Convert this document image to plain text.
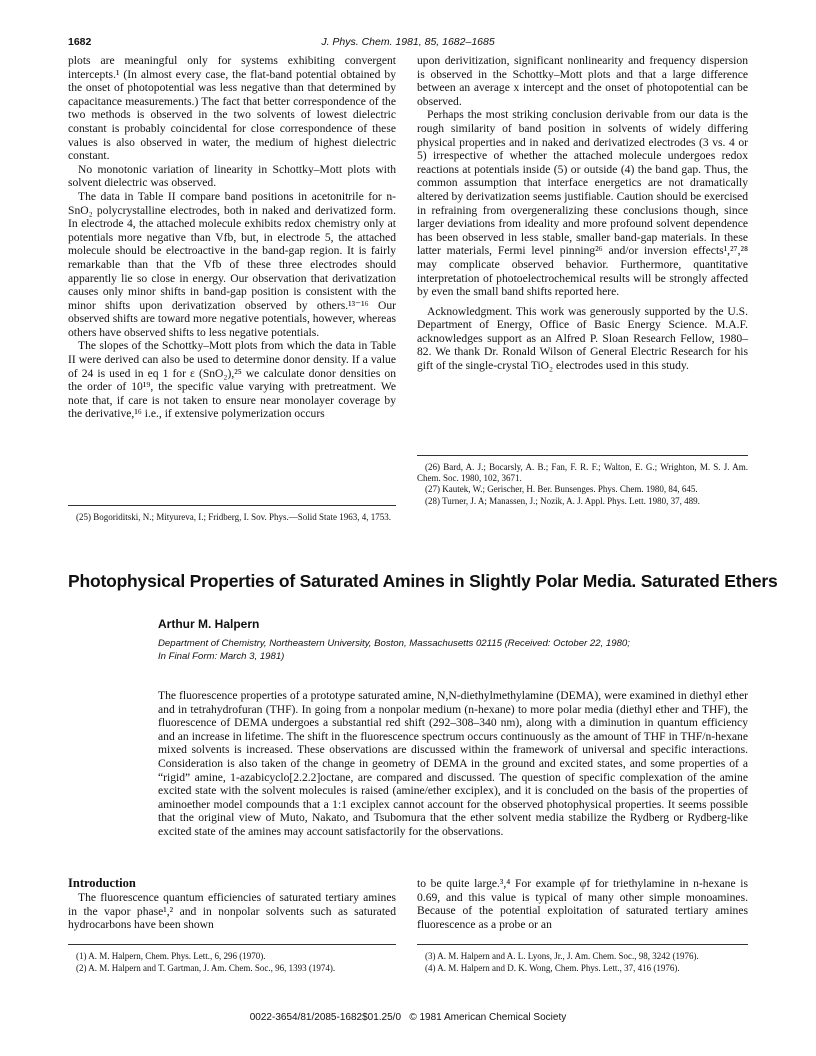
1682	J. Phys. Chem. 1981, 85, 1682–1685

plots are meaningful only for systems exhibiting convergent intercepts.¹ (In almost every case, the flat-band potential obtained by the onset of photopotential was less negative than that determined by capacitance measurements.) The fact that better correspondence of the two methods is observed in the two solvents of lowest dielectric constant is probably coincidental for close correspondence of these values is also observed in water, the medium of highest dielectric constant.

No monotonic variation of linearity in Schottky–Mott plots with solvent dielectric was observed.

The data in Table II compare band positions in acetonitrile for n-SnO₂ polycrystalline electrodes, both in naked and derivatized form. In electrode 4, the attached molecule exhibits redox chemistry only at potentials more negative than Vfb, but, in electrode 5, the attached molecule should be electroactive in the band-gap region. It is fairly remarkable than that the Vfb of these three electrodes should apparently lie so close in energy. Our observation that derivatization causes only minor shifts in band-gap position is consistent with the minor shifts upon derivatization observed by others.¹³⁻¹⁶ Our observed shifts are toward more negative potentials, however, whereas others have observed shifts to less negative potentials.

The slopes of the Schottky–Mott plots from which the data in Table II were derived can also be used to determine donor density. If a value of 24 is used in eq 1 for ε (SnO₂),²⁵ we calculate donor densities on the order of 10¹⁹, the specific value varying with pretreatment. We note that, if care is not taken to ensure near monolayer coverage by the derivative,¹⁶ i.e., if extensive polymerization occurs

(25) Bogoriditski, N.; Mityureva, I.; Fridberg, I. Sov. Phys.—Solid State 1963, 4, 1753.

upon derivitization, significant nonlinearity and frequency dispersion is observed in the Schottky–Mott plots and that a large difference between an average x intercept and the onset of photopotential can be observed.

Perhaps the most striking conclusion derivable from our data is the rough similarity of band position in solvents of widely differing physical properties and in naked and derivatized electrodes (3 vs. 4 or 5) irrespective of whether the attached molecule undergoes redox reactions at potentials inside (5) or outside (4) the band gap. Thus, the common assumption that interface energetics are not dramatically altered by derivatization seems justifiable. Caution should be exercised in refraining from overgeneralizing these conclusions though, since larger deviations from ideality and more profound solvent dependence has been observed in less stable, smaller band-gap materials. In these latter materials, Fermi level pinning²⁶ and/or inversion effects¹,²⁷,²⁸ may complicate observed behavior. Furthermore, quantitative interpretation of photoelectrochemical results will be strongly affected by even the small band shifts reported here.

Acknowledgment. This work was generously supported by the U.S. Department of Energy, Office of Basic Energy Science. M.A.F. acknowledges support as an Alfred P. Sloan Research Fellow, 1980–82. We thank Dr. Ronald Wilson of General Electric Research for his gift of the single-crystal TiO₂ electrodes used in this study.

(26) Bard, A. J.; Bocarsly, A. B.; Fan, F. R. F.; Walton, E. G.; Wrighton, M. S. J. Am. Chem. Soc. 1980, 102, 3671.

(27) Kautek, W.; Gerischer, H. Ber. Bunsenges. Phys. Chem. 1980, 84, 645.

(28) Turner, J. A; Manassen, J.; Nozik, A. J. Appl. Phys. Lett. 1980, 37, 489.

Photophysical Properties of Saturated Amines in Slightly Polar Media. Saturated Ethers
Arthur M. Halpern
Department of Chemistry, Northeastern University, Boston, Massachusetts 02115 (Received: October 22, 1980;
In Final Form: March 3, 1981)
The fluorescence properties of a prototype saturated amine, N,N-diethylmethylamine (DEMA), were examined in diethyl ether and in tetrahydrofuran (THF). In going from a nonpolar medium (n-hexane) to more polar media (diethyl ether and THF), the fluorescence of DEMA undergoes a substantial red shift (292–308–340 nm), along with a diminution in quantum efficiency and an increase in lifetime. The shift in the fluorescence spectrum occurs continuously as the amount of THF in THF/n-hexane mixed solvents is increased. These observations are discussed within the framework of universal and specific interactions. Consideration is also taken of the change in geometry of DEMA in the ground and excited states, and some properties of a “rigid” amine, 1-azabicyclo[2.2.2]octane, are compared and discussed. The question of specific complexation of the amine excited state with the solvent molecules is raised (amine/ether exciplex), and it is concluded on the basis of the properties of aminoether model compounds that a 1:1 exciplex cannot account for the observed photophysical properties. It seems possible that the original view of Muto, Nakato, and Tsubomura that the ether solvent media stabilize the Rydberg or Rydberg-like excited state of the amines may account satisfactorily for the observations.
Introduction

The fluorescence quantum efficiencies of saturated tertiary amines in the vapor phase¹,² and in nonpolar solvents such as saturated hydrocarbons have been shown

to be quite large.³,⁴ For example φf for triethylamine in n-hexane is 0.69, and this value is typical of many other simple monoamines. Because of the potential exploitation of saturated tertiary amines fluorescence as a probe or an

(1) A. M. Halpern, Chem. Phys. Lett., 6, 296 (1970).

(2) A. M. Halpern and T. Gartman, J. Am. Chem. Soc., 96, 1393 (1974).

(3) A. M. Halpern and A. L. Lyons, Jr., J. Am. Chem. Soc., 98, 3242 (1976).

(4) A. M. Halpern and D. K. Wong, Chem. Phys. Lett., 37, 416 (1976).

0022-3654/81/2085-1682$01.25/0   © 1981 American Chemical Society
